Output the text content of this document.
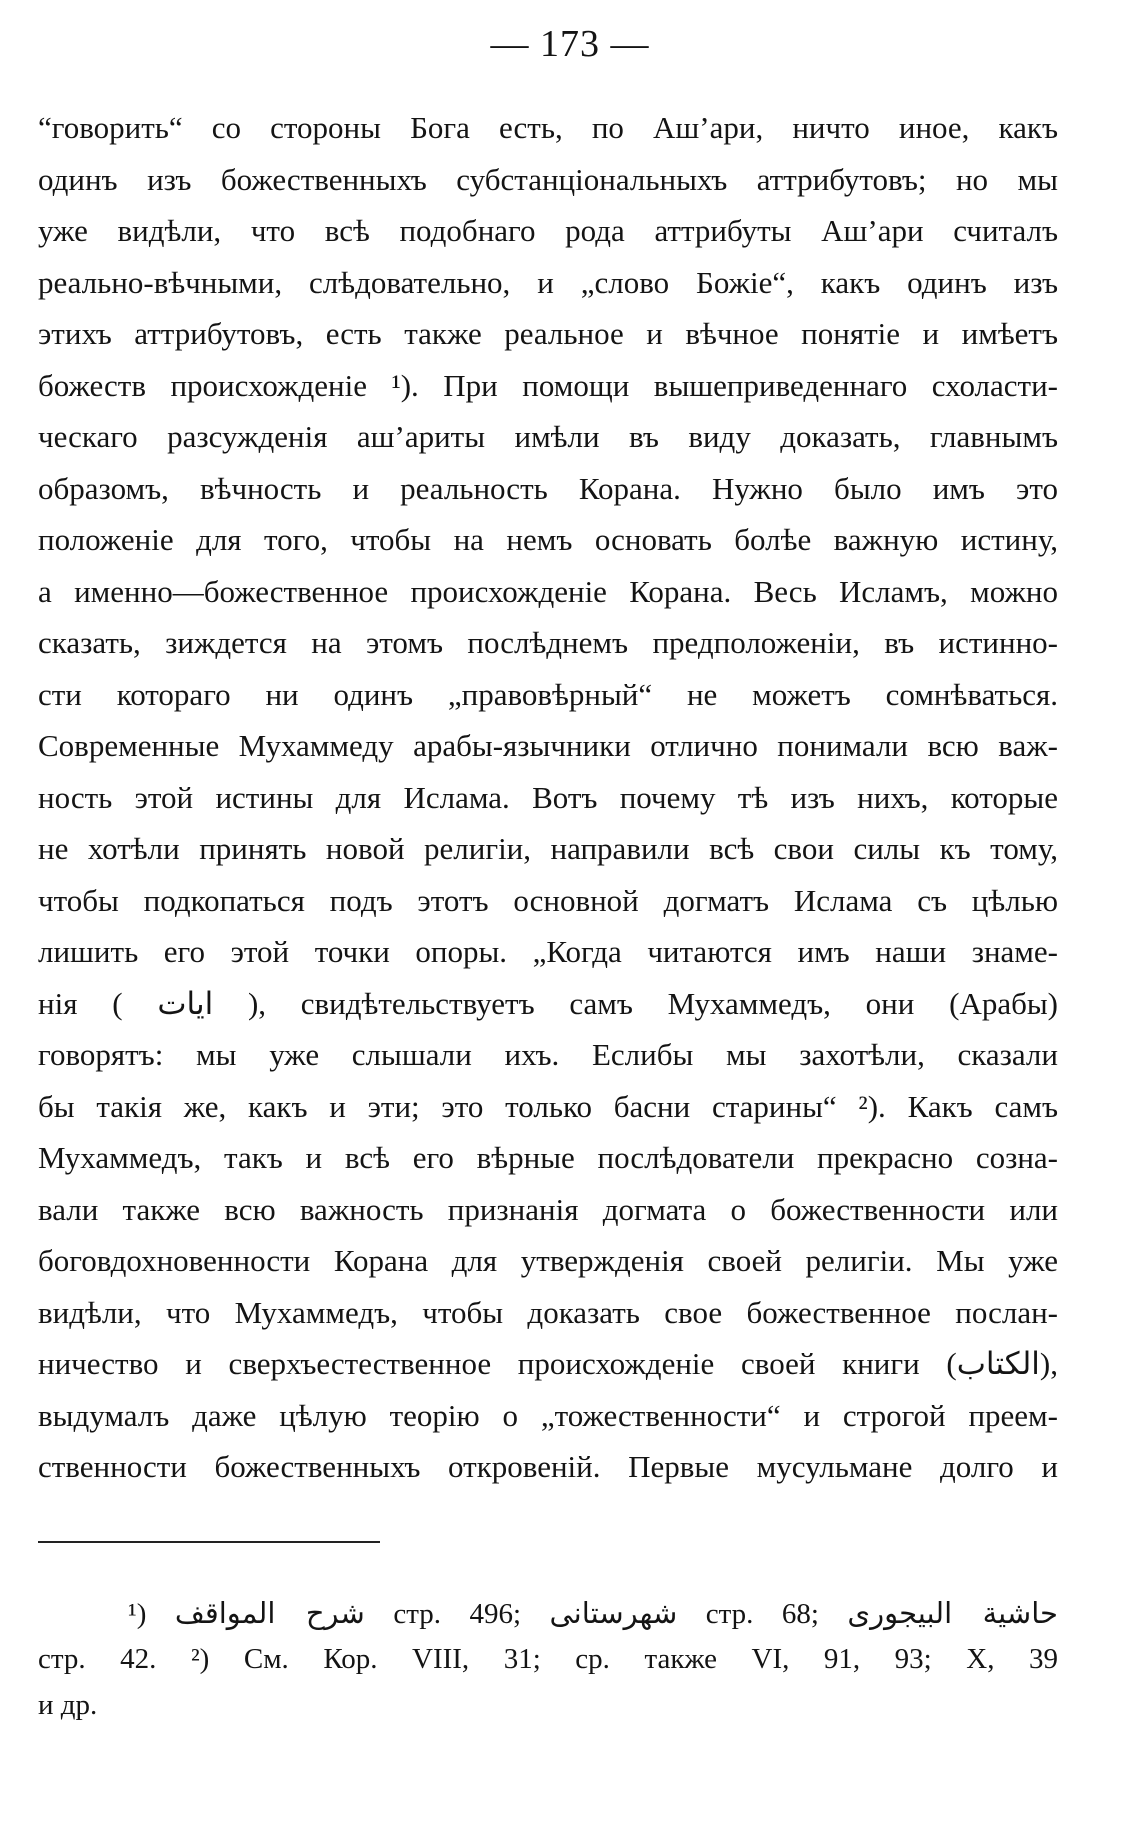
— 173 —
“говорить“ со стороны Бога есть, по Аш’ари, ничто иное, какъ
одинъ изъ божественныхъ субстанціональныхъ аттрибутовъ; но мы
уже видѣли, что всѣ подобнаго рода аттрибуты Аш’ари считалъ
реально-вѣчными, слѣдовательно, и „слово Божіе“, какъ одинъ изъ
этихъ аттрибутовъ, есть также реальное и вѣчное понятіе и имѣетъ
божеств происхожденіе ¹). При помощи вышеприведеннаго схоласти-
ческаго разсужденія аш’ариты имѣли въ виду доказать, главнымъ
образомъ, вѣчность и реальность Корана. Нужно было имъ это
положеніе для того, чтобы на немъ основать болѣе важную истину,
а именно—божественное происхожденіе Корана. Весь Исламъ, можно
сказать, зиждется на этомъ послѣднемъ предположеніи, въ истинно-
сти котораго ни одинъ „правовѣрный“ не можетъ сомнѣваться.
Современные Мухаммеду арабы-язычники отлично понимали всю важ-
ность этой истины для Ислама. Вотъ почему тѣ изъ нихъ, которые
не хотѣли принять новой религіи, направили всѣ свои силы къ тому,
чтобы подкопаться подъ этотъ основной догматъ Ислама съ цѣлью
лишить его этой точки опоры. „Когда читаются имъ наши знаме-
нія ( ايات ), свидѣтельствуетъ самъ Мухаммедъ, они (Арабы)
говорятъ: мы уже слышали ихъ. Еслибы мы захотѣли, сказали
бы такія же, какъ и эти; это только басни старины“ ²). Какъ самъ
Мухаммедъ, такъ и всѣ его вѣрные послѣдователи прекрасно созна-
вали также всю важность признанія догмата о божественности или
боговдохновенности Корана для утвержденія своей религіи. Мы уже
видѣли, что Мухаммедъ, чтобы доказать свое божественное послан-
ничество и сверхъестественное происхожденіе своей книги (الكتاب),
выдумалъ даже цѣлую теорію о „тожественности“ и строгой преем-
ственности божественныхъ откровеній. Первые мусульмане долго и
¹) شرح المواقف стр. 496; شهرستانى стр. 68; حاشية البيجورى
стр. 42. ²) См. Кор. VIII, 31; ср. также VI, 91, 93; X, 39
и др.
